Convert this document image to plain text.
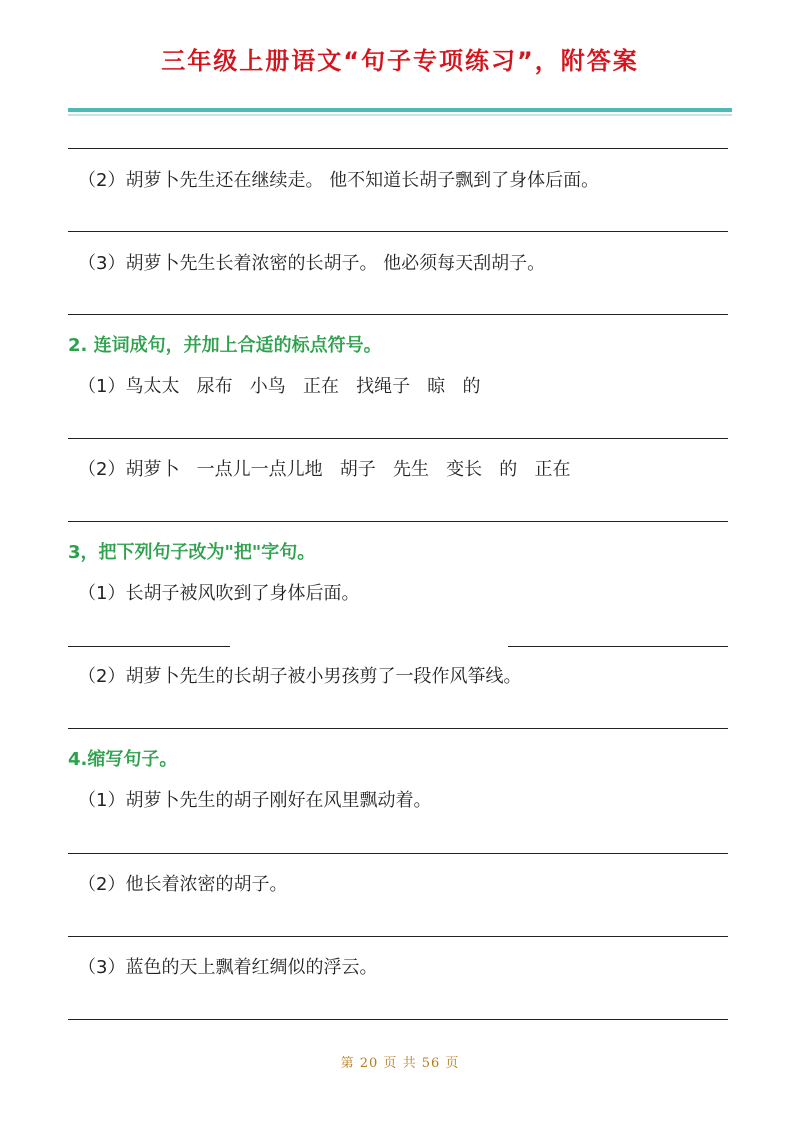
三年级上册语文“句子专项练习”，附答案
（2）胡萝卜先生还在继续走。 他不知道长胡子飘到了身体后面。
（3）胡萝卜先生长着浓密的长胡子。 他必须每天刮胡子。
2. 连词成句，并加上合适的标点符号。
（1）鸟太太   尿布   小鸟   正在   找绳子   晾   的
（2）胡萝卜   一点儿一点儿地   胡子   先生   变长   的   正在
3，把下列句子改为"把"字句。
（1）长胡子被风吹到了身体后面。
（2）胡萝卜先生的长胡子被小男孩剪了一段作风筝线。
4.缩写句子。
（1）胡萝卜先生的胡子刚好在风里飘动着。
（2）他长着浓密的胡子。
（3）蓝色的天上飘着红绸似的浮云。
第 20 页 共 56 页
